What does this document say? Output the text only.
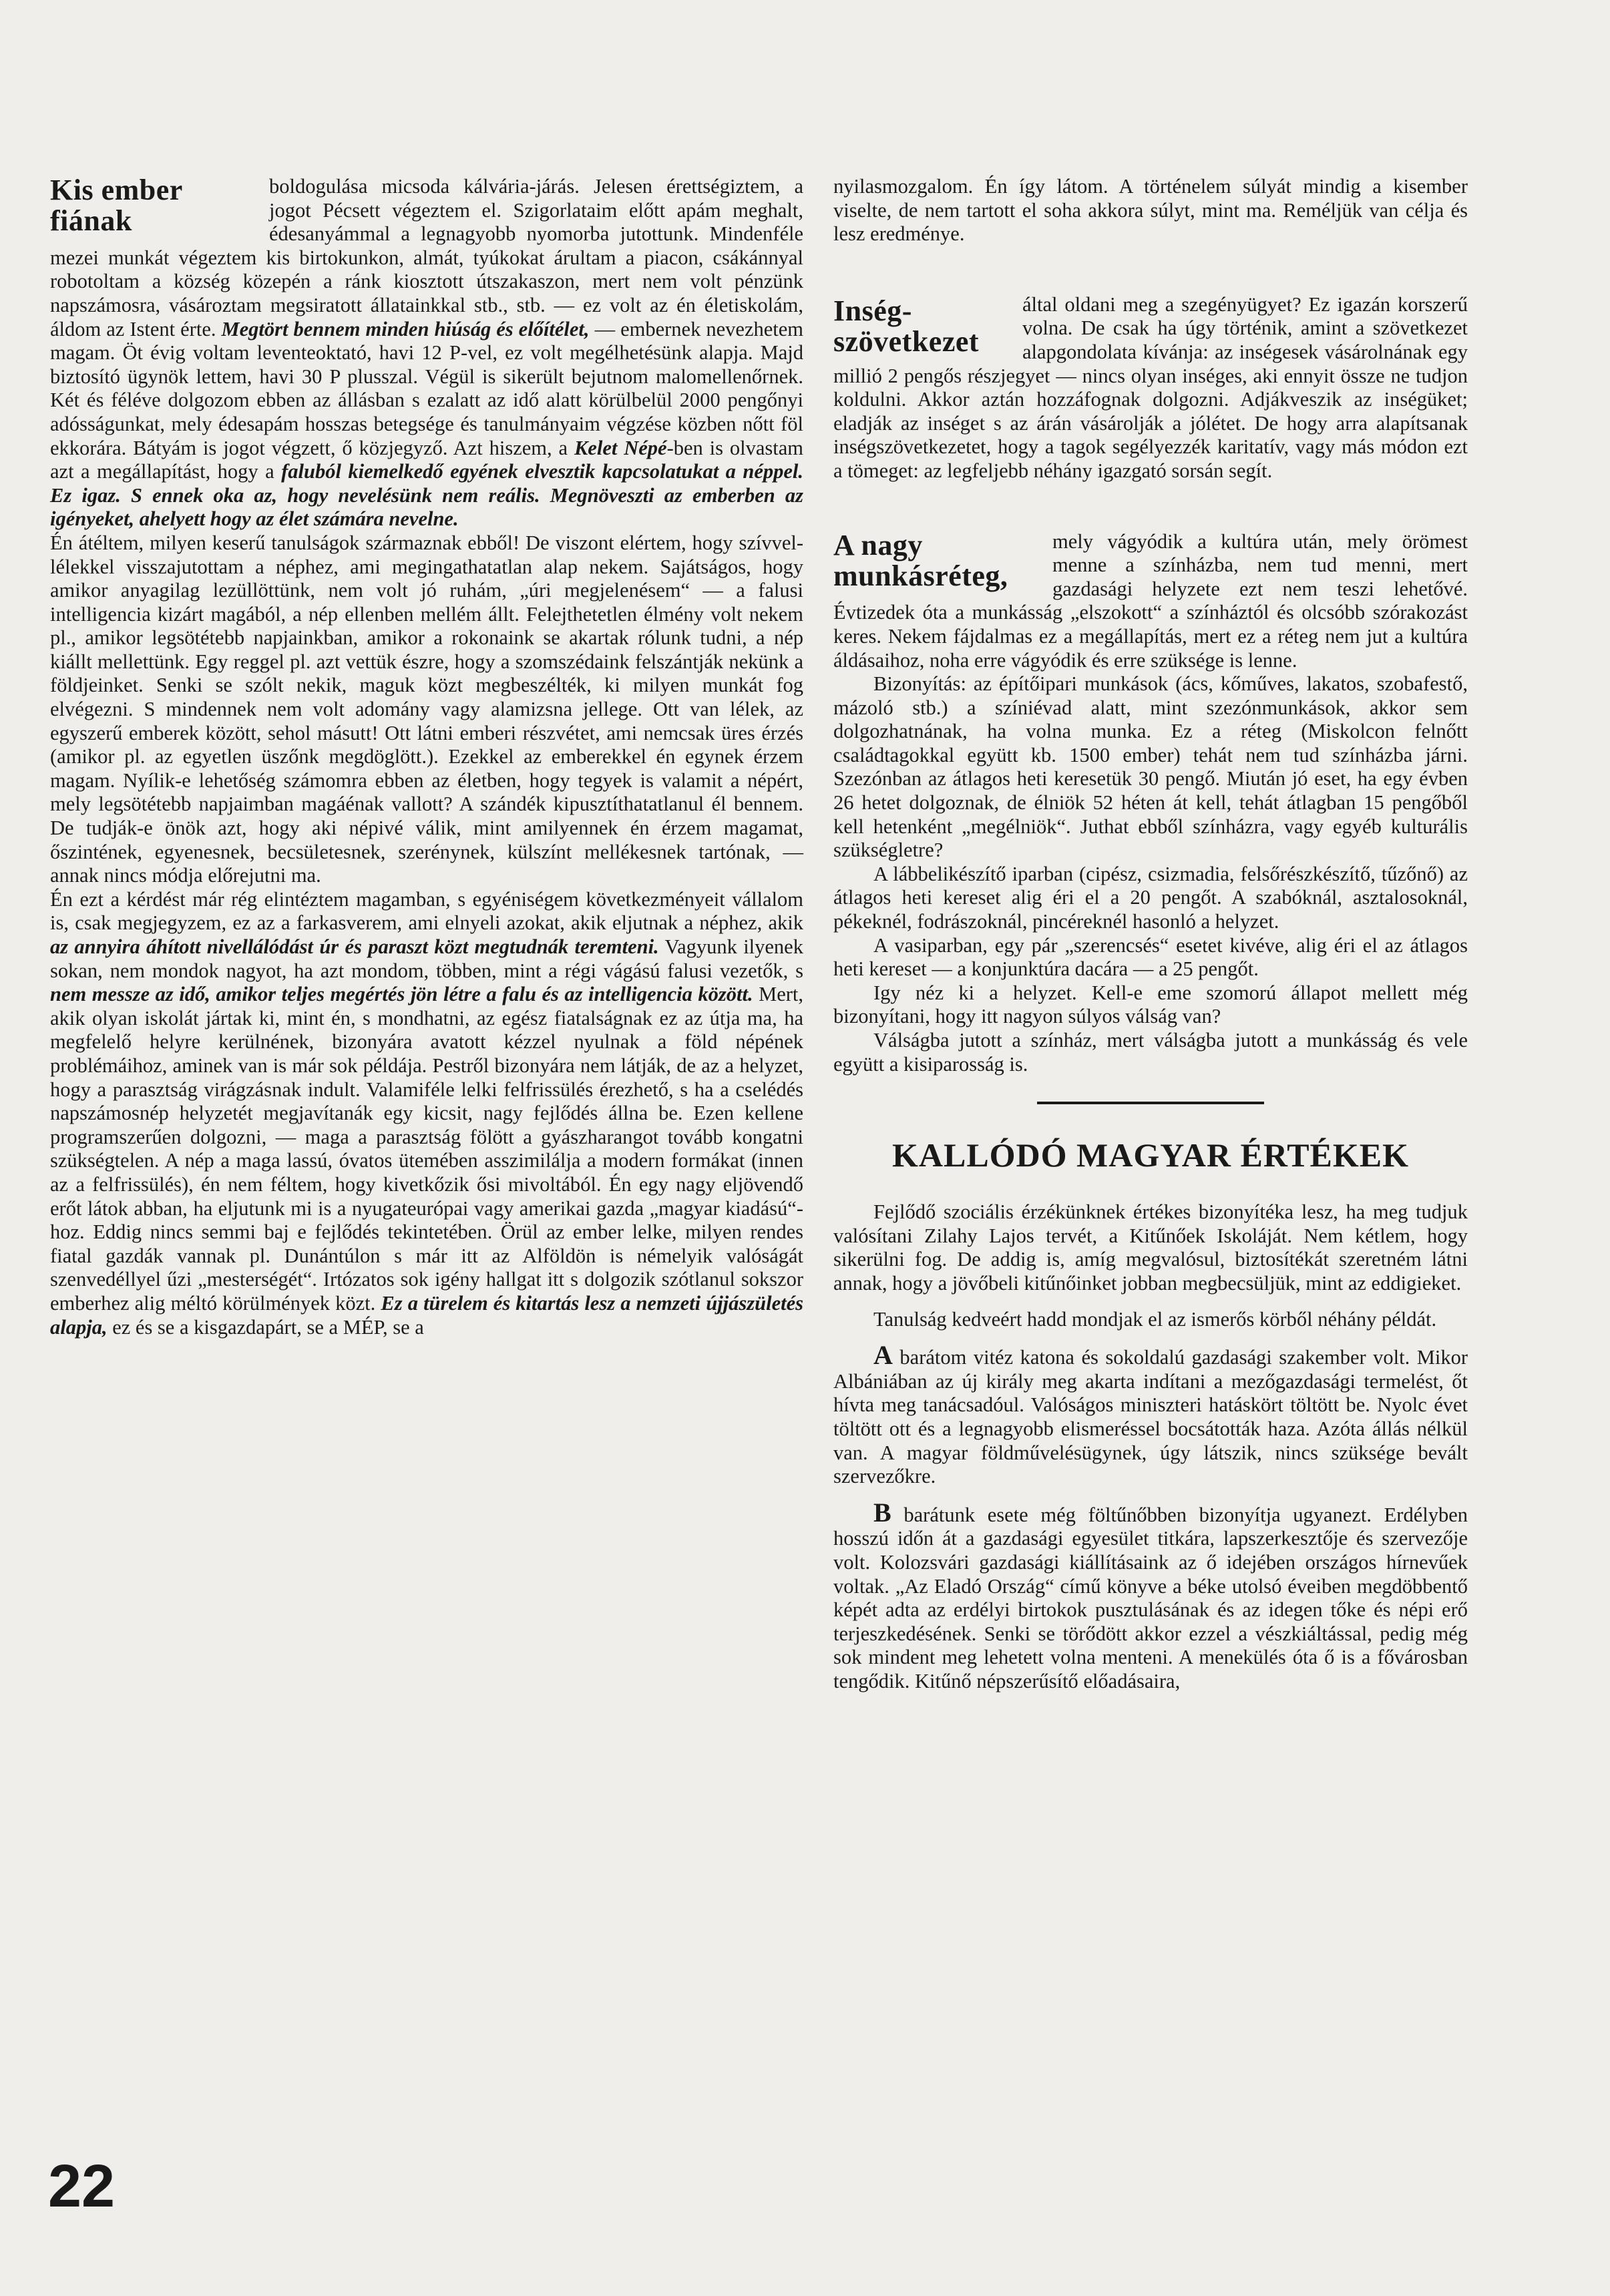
Kis ember
fiának

boldogulása micsoda kálvária-járás. Jelesen érettségiztem, a jogot Pécsett végeztem el. Szigorlataim előtt apám meghalt, édesanyámmal a legnagyobb nyomorba jutottunk. Mindenféle mezei munkát végeztem kis birtokunkon, almát, tyúkokat árultam a piacon, csákánnyal robotoltam a község közepén a ránk kiosztott útszakaszon, mert nem volt pénzünk napszámosra, vásároztam megsiratott állatainkkal stb., stb. — ez volt az én életiskolám, áldom az Istent érte. Megtört bennem minden hiúság és előítélet, — embernek nevezhetem magam. Öt évig voltam leventeoktató, havi 12 P-vel, ez volt megélhetésünk alapja. Majd biztosító ügynök lettem, havi 30 P plusszal. Végül is sikerült bejutnom malomellenőrnek. Két és féléve dolgozom ebben az állásban s ezalatt az idő alatt körülbelül 2000 pengőnyi adósságunkat, mely édesapám hosszas betegsége és tanulmányaim végzése közben nőtt föl ekkorára. Bátyám is jogot végzett, ő közjegyző. Azt hiszem, a Kelet Népé-ben is olvastam azt a megállapítást, hogy a faluból kiemelkedő egyének elvesztik kapcsolatukat a néppel. Ez igaz. S ennek oka az, hogy nevelésünk nem reális. Megnöveszti az emberben az igényeket, ahelyett hogy az élet számára nevelne.

Én átéltem, milyen keserű tanulságok származnak ebből! De viszont elértem, hogy szívvel-lélekkel visszajutottam a néphez, ami megingathatatlan alap nekem. Sajátságos, hogy amikor anyagilag lezüllöttünk, nem volt jó ruhám, „úri megjelenésem“ — a falusi intelligencia kizárt magából, a nép ellenben mellém állt. Felejthetetlen élmény volt nekem pl., amikor legsötétebb napjainkban, amikor a rokonaink se akartak rólunk tudni, a nép kiállt mellettünk. Egy reggel pl. azt vettük észre, hogy a szomszédaink felszántják nekünk a földjeinket. Senki se szólt nekik, maguk közt megbeszélték, ki milyen munkát fog elvégezni. S mindennek nem volt adomány vagy alamizsna jellege. Ott van lélek, az egyszerű emberek között, sehol másutt! Ott látni emberi részvétet, ami nemcsak üres érzés (amikor pl. az egyetlen üszőnk megdöglött.). Ezekkel az emberekkel én egynek érzem magam. Nyílik-e lehetőség számomra ebben az életben, hogy tegyek is valamit a népért, mely legsötétebb napjaimban magáénak vallott? A szándék kipusztíthatatlanul él bennem. De tudják-e önök azt, hogy aki népivé válik, mint amilyennek én érzem magamat, őszintének, egyenesnek, becsületesnek, szerénynek, külszínt mellékesnek tartónak, — annak nincs módja előrejutni ma.

Én ezt a kérdést már rég elintéztem magamban, s egyéniségem következményeit vállalom is, csak megjegyzem, ez az a farkasverem, ami elnyeli azokat, akik eljutnak a néphez, akik az annyira áhított nivellálódást úr és paraszt közt megtudnák teremteni. Vagyunk ilyenek sokan, nem mondok nagyot, ha azt mondom, többen, mint a régi vágású falusi vezetők, s nem messze az idő, amikor teljes megértés jön létre a falu és az intelligencia között. Mert, akik olyan iskolát jártak ki, mint én, s mondhatni, az egész fiatalságnak ez az útja ma, ha megfelelő helyre kerülnének, bizonyára avatott kézzel nyulnak a föld népének problémáihoz, aminek van is már sok példája. Pestről bizonyára nem látják, de az a helyzet, hogy a parasztság virágzásnak indult. Valamiféle lelki felfrissülés érezhető, s ha a cselédés napszámosnép helyzetét megjavítanák egy kicsit, nagy fejlődés állna be. Ezen kellene programszerűen dolgozni, — maga a parasztság fölött a gyászharangot tovább kongatni szükségtelen. A nép a maga lassú, óvatos ütemében asszimilálja a modern formákat (innen az a felfrissülés), én nem féltem, hogy kivetkőzik ősi mivoltából. Én egy nagy eljövendő erőt látok abban, ha eljutunk mi is a nyugateurópai vagy amerikai gazda „magyar kiadású“-hoz. Eddig nincs semmi baj e fejlődés tekintetében. Örül az ember lelke, milyen rendes fiatal gazdák vannak pl. Dunántúlon s már itt az Alföldön is némelyik valóságát szenvedéllyel űzi „mesterségét“. Irtózatos sok igény hallgat itt s dolgozik szótlanul sokszor emberhez alig méltó körülmények közt. Ez a türelem és kitartás lesz a nemzeti újjászületés alapja, ez és se a kisgazdapárt, se a MÉP, se a

nyilasmozgalom. Én így látom. A történelem súlyát mindig a kisember viselte, de nem tartott el soha akkora súlyt, mint ma. Reméljük van célja és lesz eredménye.

Inség-
szövetkezet

által oldani meg a szegényügyet? Ez igazán korszerű volna. De csak ha úgy történik, amint a szövetkezet alapgondolata kívánja: az inségesek vásárolnának egy millió 2 pengős részjegyet — nincs olyan inséges, aki ennyit össze ne tudjon koldulni. Akkor aztán hozzáfognak dolgozni. Adjákveszik az inségüket; eladják az inséget s az árán vásárolják a jólétet. De hogy arra alapítsanak inségszövetkezetet, hogy a tagok segélyezzék karitatív, vagy más módon ezt a tömeget: az legfeljebb néhány igazgató sorsán segít.

A nagy
munkásréteg,

mely vágyódik a kultúra után, mely örömest menne a színházba, nem tud menni, mert gazdasági helyzete ezt nem teszi lehetővé. Évtizedek óta a munkásság „elszokott“ a színháztól és olcsóbb szórakozást keres. Nekem fájdalmas ez a megállapítás, mert ez a réteg nem jut a kultúra áldásaihoz, noha erre vágyódik és erre szüksége is lenne.

Bizonyítás: az építőipari munkások (ács, kőműves, lakatos, szobafestő, mázoló stb.) a színiévad alatt, mint szezónmunkások, akkor sem dolgozhatnának, ha volna munka. Ez a réteg (Miskolcon felnőtt családtagokkal együtt kb. 1500 ember) tehát nem tud színházba járni. Szezónban az átlagos heti keresetük 30 pengő. Miután jó eset, ha egy évben 26 hetet dolgoznak, de élniök 52 héten át kell, tehát átlagban 15 pengőből kell hetenként „megélniök“. Juthat ebből színházra, vagy egyéb kulturális szükségletre?

A lábbelikészítő iparban (cipész, csizmadia, felsőrészkészítő, tűzőnő) az átlagos heti kereset alig éri el a 20 pengőt. A szabóknál, asztalosoknál, pékeknél, fodrászoknál, pincéreknél hasonló a helyzet.

A vasiparban, egy pár „szerencsés“ esetet kivéve, alig éri el az átlagos heti kereset — a konjunktúra dacára — a 25 pengőt.

Igy néz ki a helyzet. Kell-e eme szomorú állapot mellett még bizonyítani, hogy itt nagyon súlyos válság van?

Válságba jutott a színház, mert válságba jutott a munkásság és vele együtt a kisiparosság is.

KALLÓDÓ MAGYAR ÉRTÉKEK

Fejlődő szociális érzékünknek értékes bizonyítéka lesz, ha meg tudjuk valósítani Zilahy Lajos tervét, a Kitűnőek Iskoláját. Nem kétlem, hogy sikerülni fog. De addig is, amíg megvalósul, biztosítékát szeretném látni annak, hogy a jövőbeli kitűnőinket jobban megbecsüljük, mint az eddigieket.

Tanulság kedveért hadd mondjak el az ismerős körből néhány példát.

A barátom vitéz katona és sokoldalú gazdasági szakember volt. Mikor Albániában az új király meg akarta indítani a mezőgazdasági termelést, őt hívta meg tanácsadóul. Valóságos miniszteri hatáskört töltött be. Nyolc évet töltött ott és a legnagyobb elismeréssel bocsátották haza. Azóta állás nélkül van. A magyar földművelésügynek, úgy látszik, nincs szüksége bevált szervezőkre.

B barátunk esete még föltűnőbben bizonyítja ugyanezt. Erdélyben hosszú időn át a gazdasági egyesület titkára, lapszerkesztője és szervezője volt. Kolozsvári gazdasági kiállításaink az ő idejében országos hírnevűek voltak. „Az Eladó Ország“ című könyve a béke utolsó éveiben megdöbbentő képét adta az erdélyi birtokok pusztulásának és az idegen tőke és népi erő terjeszkedésének. Senki se törődött akkor ezzel a vészkiáltással, pedig még sok mindent meg lehetett volna menteni. A menekülés óta ő is a fővárosban tengődik. Kitűnő népszerűsítő előadásaira,

22
